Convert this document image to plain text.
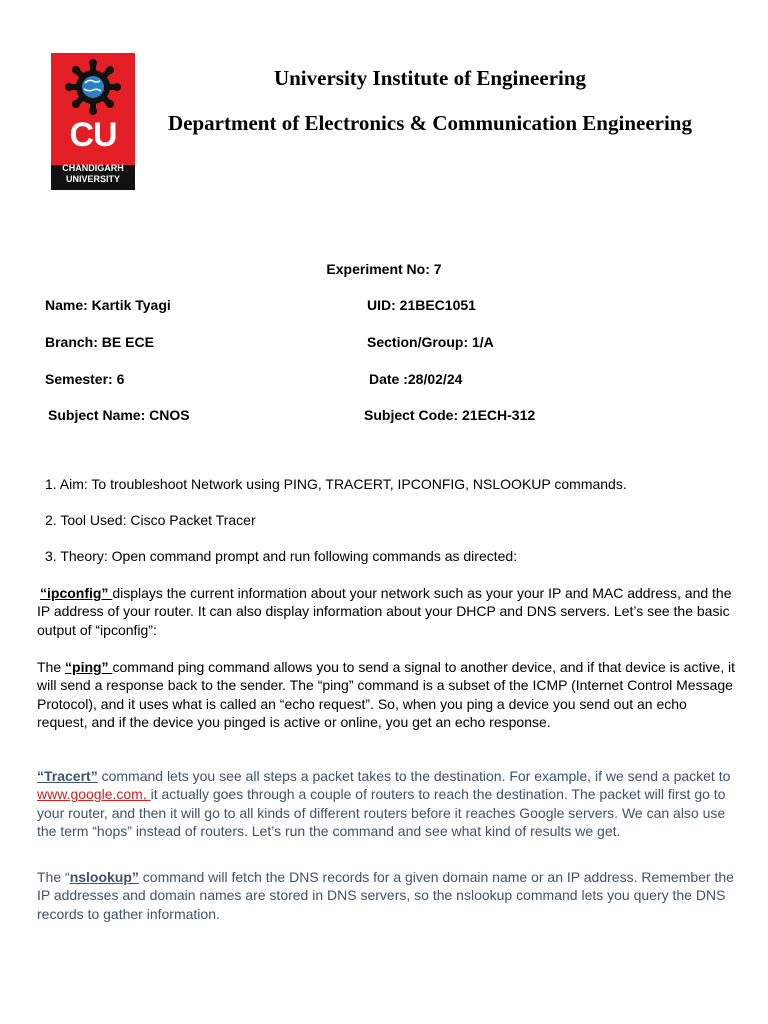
CU
CHANDIGARH
UNIVERSITY
University Institute of Engineering
Department of Electronics & Communication Engineering
Experiment No: 7
Name: Kartik Tyagi	UID: 21BEC1051
Branch: BE ECE	Section/Group: 1/A
Semester: 6	Date :28/02/24
Subject Name: CNOS	Subject Code: 21ECH-312
1. Aim: To troubleshoot Network using PING, TRACERT, IPCONFIG, NSLOOKUP commands.
2. Tool Used: Cisco Packet Tracer
3. Theory: Open command prompt and run following commands as directed:
“ipconfig” displays the current information about your network such as your your IP and MAC address, and the IP address of your router. It can also display information about your DHCP and DNS servers. Let’s see the basic output of “ipconfig”:
The “ping” command ping command allows you to send a signal to another device, and if that device is active, it will send a response back to the sender. The “ping” command is a subset of the ICMP (Internet Control Message Protocol), and it uses what is called an “echo request”. So, when you ping a device you send out an echo request, and if the device you pinged is active or online, you get an echo response.
“Tracert” command lets you see all steps a packet takes to the destination. For example, if we send a packet to www.google.com, it actually goes through a couple of routers to reach the destination. The packet will first go to your router, and then it will go to all kinds of different routers before it reaches Google servers. We can also use the term “hops” instead of routers. Let’s run the command and see what kind of results we get.
The “nslookup” command will fetch the DNS records for a given domain name or an IP address. Remember the IP addresses and domain names are stored in DNS servers, so the nslookup command lets you query the DNS records to gather information.
